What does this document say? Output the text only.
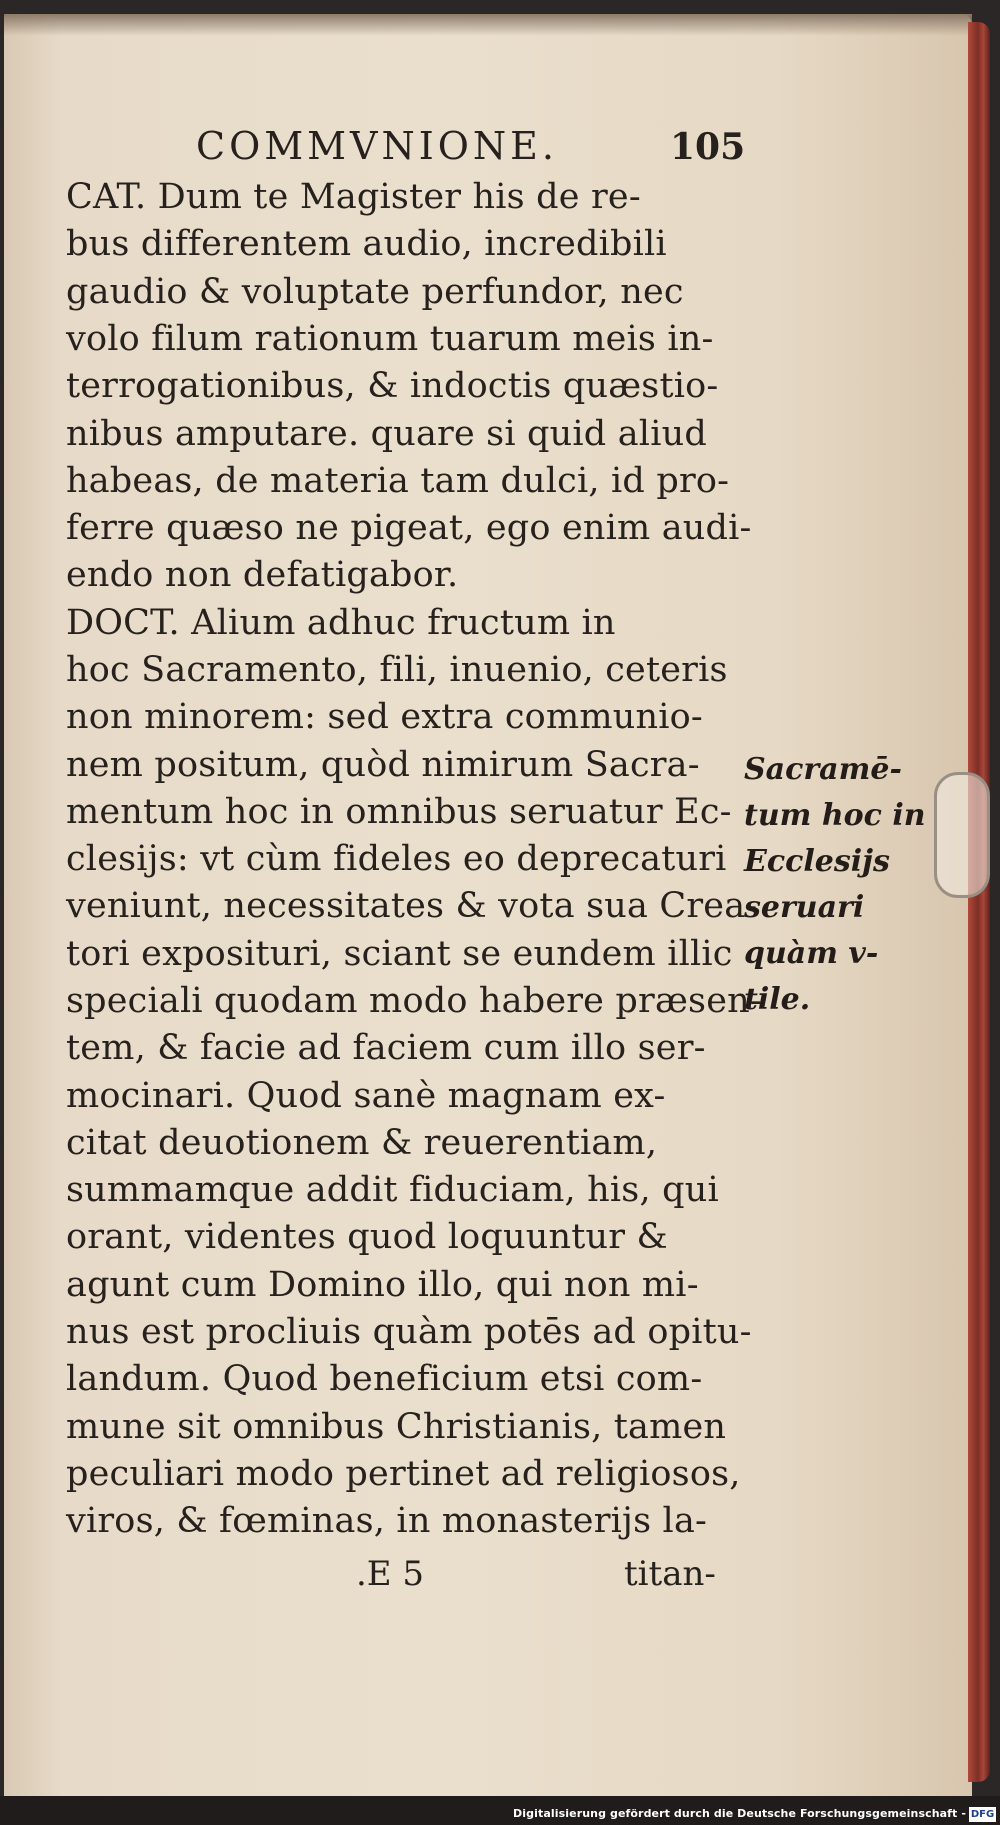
COMMVNIONE.	105
CAT. Dum te Magister his de re-
bus differentem audio, incredibili
gaudio & voluptate perfundor, nec
volo filum rationum tuarum meis in-
terrogationibus, & indoctis quæstio-
nibus amputare. quare si quid aliud
habeas, de materia tam dulci, id pro-
ferre quæso ne pigeat, ego enim audi-
endo non defatigabor.
DOCT. Alium adhuc fructum in
hoc Sacramento, fili, inuenio, ceteris
non minorem: sed extra communio-
nem positum, quòd nimirum Sacra-
mentum hoc in omnibus seruatur Ec-
clesijs: vt cùm fideles eo deprecaturi
veniunt, necessitates & vota sua Crea-
tori exposituri, sciant se eundem illic
speciali quodam modo habere præsen-
tem, & facie ad faciem cum illo ser-
mocinari. Quod sanè magnam ex-
citat deuotionem & reuerentiam,
summamque addit fiduciam, his, qui
orant, videntes quod loquuntur &
agunt cum Domino illo, qui non mi-
nus est procliuis quàm potēs ad opitu-
landum. Quod beneficium etsi com-
mune sit omnibus Christianis, tamen
peculiari modo pertinet ad religiosos,
viros, & fœminas, in monasterijs la-
Sacramē-
tum hoc in
Ecclesijs
seruari
quàm v-
tile.
.E 5	titan-
Digitalisierung gefördert durch die Deutsche Forschungsgemeinschaft - DFG
